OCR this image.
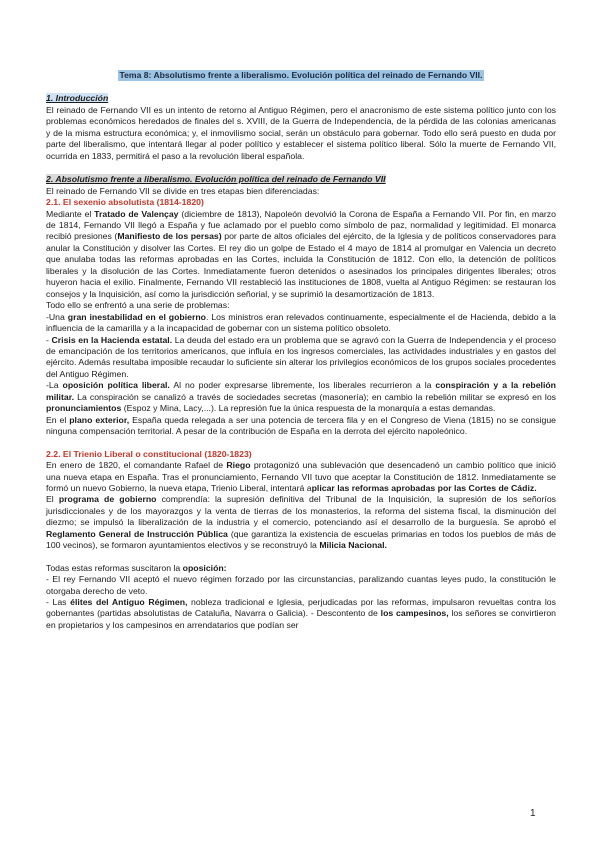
Tema 8: Absolutismo frente a liberalismo. Evolución política del reinado de Fernando VII.

1. Introducción

El reinado de Fernando VII es un intento de retorno al Antiguo Régimen, pero el anacronismo de este sistema político junto con los problemas económicos heredados de finales del s. XVIII, de la Guerra de Independencia, de la pérdida de las colonias americanas y de la misma estructura económica; y, el inmovilismo social, serán un obstáculo para gobernar. Todo ello será puesto en duda por parte del liberalismo, que intentará llegar al poder político y establecer el sistema político liberal. Sólo la muerte de Fernando VII, ocurrida en 1833, permitirá el paso a la revolución liberal española.

2. Absolutismo frente a liberalismo. Evolución política del reinado de Fernando VII

El reinado de Fernando VII se divide en tres etapas bien diferenciadas:

2.1. El sexenio absolutista (1814-1820)

Mediante el Tratado de Valençay (diciembre de 1813), Napoleón devolvió la Corona de España a Fernando VII. Por fin, en marzo de 1814, Fernando VII llegó a España y fue aclamado por el pueblo como símbolo de paz, normalidad y legitimidad. El monarca recibió presiones (Manifiesto de los persas) por parte de altos oficiales del ejército, de la Iglesia y de políticos conservadores para anular la Constitución y disolver las Cortes. El rey dio un golpe de Estado el 4 mayo de 1814 al promulgar en Valencia un decreto que anulaba todas las reformas aprobadas en las Cortes, incluida la Constitución de 1812. Con ello, la detención de políticos liberales y la disolución de las Cortes. Inmediatamente fueron detenidos o asesinados los principales dirigentes liberales; otros huyeron hacia el exilio. Finalmente, Fernando VII restableció las instituciones de 1808, vuelta al Antiguo Régimen: se restauran los consejos y la Inquisición, así como la jurisdicción señorial, y se suprimió la desamortización de 1813.

Todo ello se enfrentó a una serie de problemas:

-Una gran inestabilidad en el gobierno. Los ministros eran relevados continuamente, especialmente el de Hacienda, debido a la influencia de la camarilla y a la incapacidad de gobernar con un sistema político obsoleto.

- Crisis en la Hacienda estatal. La deuda del estado era un problema que se agravó con la Guerra de Independencia y el proceso de emancipación de los territorios americanos, que influía en los ingresos comerciales, las actividades industriales y en gastos del ejército. Además resultaba imposible recaudar lo suficiente sin alterar los privilegios económicos de los grupos sociales procedentes del Antiguo Régimen.

-La oposición política liberal. Al no poder expresarse libremente, los liberales recurrieron a la conspiración y a la rebelión militar. La conspiración se canalizó a través de sociedades secretas (masonería); en cambio la rebelión militar se expresó en los pronunciamientos (Espoz y Mina, Lacy,...). La represión fue la única respuesta de la monarquía a estas demandas.

En el plano exterior, España queda relegada a ser una potencia de tercera fila y en el Congreso de Viena (1815) no se consigue ninguna compensación territorial. A pesar de la contribución de España en la derrota del ejército napoleónico.

2.2. El Trienio Liberal o constitucional (1820-1823)

En enero de 1820, el comandante Rafael de Riego protagonizó una sublevación que desencadenó un cambio político que inició una nueva etapa en España. Tras el pronunciamiento, Fernando VII tuvo que aceptar la Constitución de 1812. Inmediatamente se formó un nuevo Gobierno, la nueva etapa, Trienio Liberal, intentará aplicar las reformas aprobadas por las Cortes de Cádiz.

El programa de gobierno comprendía: la supresión definitiva del Tribunal de la Inquisición, la supresión de los señoríos jurisdiccionales y de los mayorazgos y la venta de tierras de los monasterios, la reforma del sistema fiscal, la disminución del diezmo; se impulsó la liberalización de la industria y el comercio, potenciando así el desarrollo de la burguesía. Se aprobó el Reglamento General de Instrucción Pública (que garantiza la existencia de escuelas primarias en todos los pueblos de más de 100 vecinos), se formaron ayuntamientos electivos y se reconstruyó la Milicia Nacional.

Todas estas reformas suscitaron la oposición:

- El rey Fernando VII aceptó el nuevo régimen forzado por las circunstancias, paralizando cuantas leyes pudo, la constitución le otorgaba derecho de veto.

- Las élites del Antiguo Régimen, nobleza tradicional e Iglesia, perjudicadas por las reformas, impulsaron revueltas contra los gobernantes (partidas absolutistas de Cataluña, Navarra o Galicia). - Descontento de los campesinos, los señores se convirtieron en propietarios y los campesinos en arrendatarios que podían ser

1
